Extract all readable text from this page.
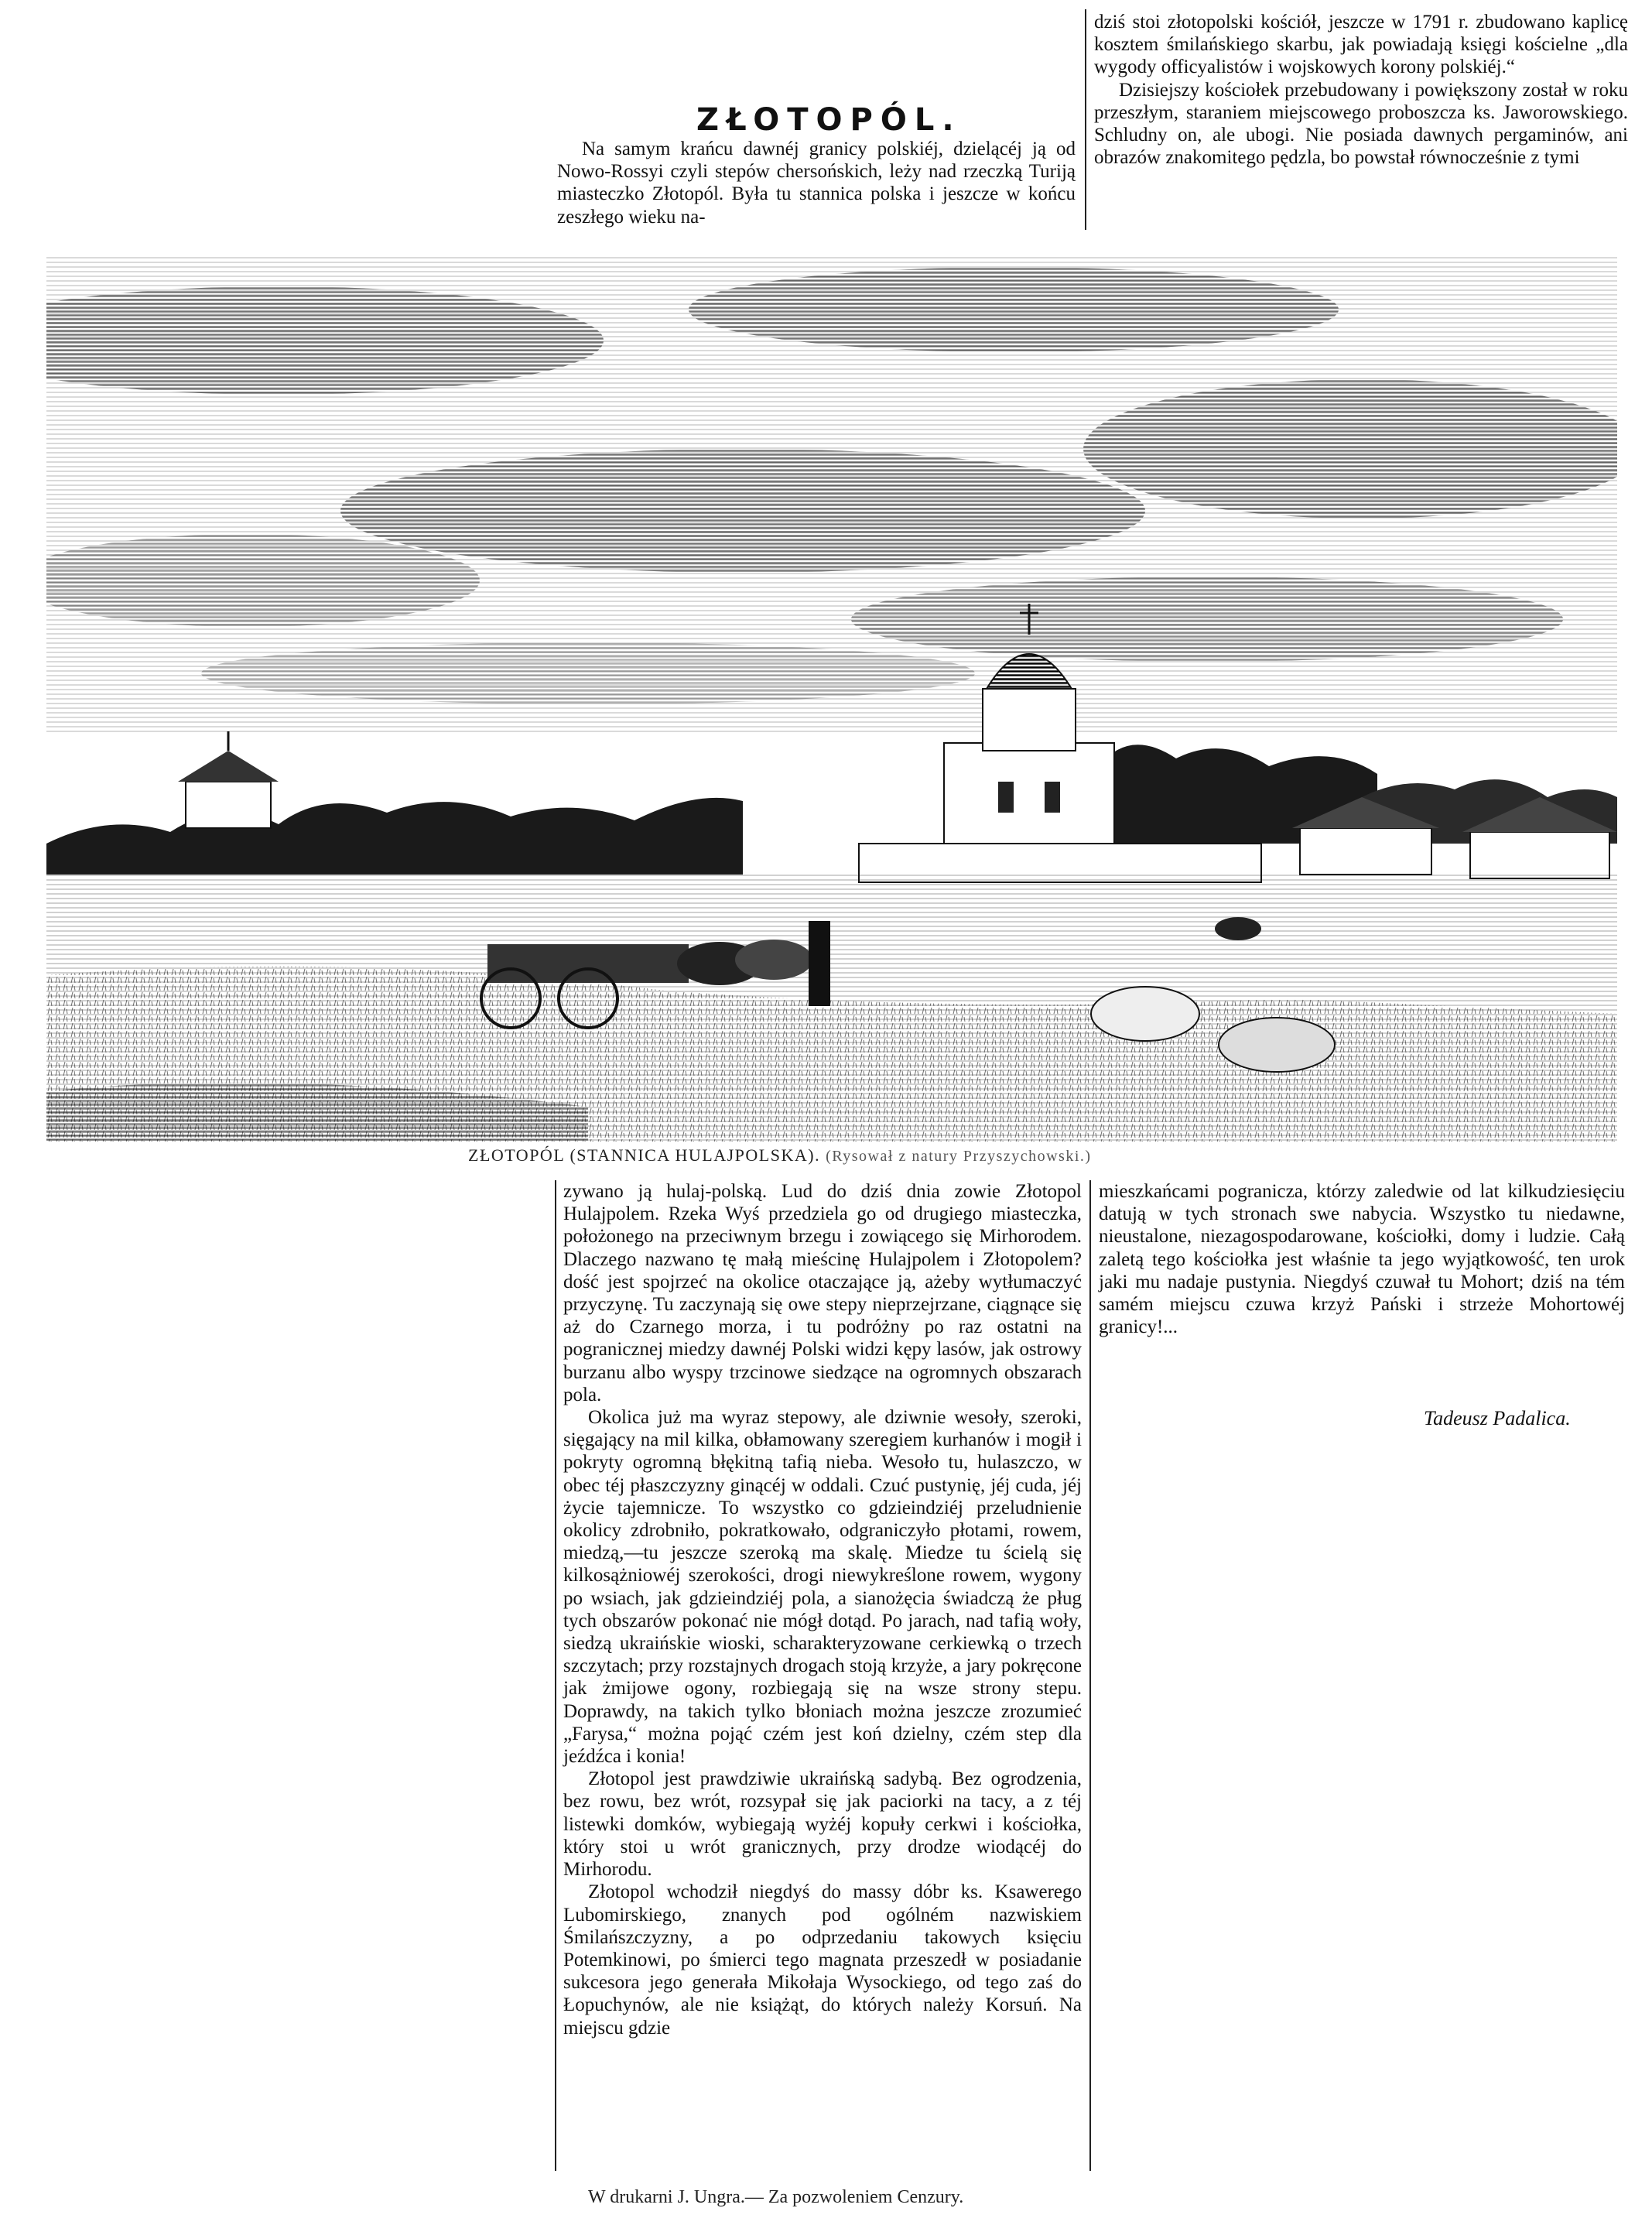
ZŁOTOPÓL.

Na samym krańcu dawnéj granicy polskiéj, dzielącéj ją od Nowo-Rossyi czyli stepów chersońskich, leży nad rzeczką Turiją miasteczko Złotopól. Była tu stannica polska i jeszcze w końcu zeszłego wieku na-

dziś stoi złotopolski kościół, jeszcze w 1791 r. zbudowano kaplicę kosztem śmilańskiego skarbu, jak powiadają księgi kościelne „dla wygody officyalistów i wojskowych korony polskiéj.“

Dzisiejszy kościołek przebudowany i powiększony został w roku przeszłym, staraniem miejscowego proboszcza ks. Jaworowskiego. Schludny on, ale ubogi. Nie posiada dawnych pergaminów, ani obrazów znakomitego pędzla, bo powstał równocześnie z tymi

ZŁOTOPÓL (STANNICA HULAJPOLSKA). (Rysował z natury Przyszychowski.)

zywano ją hulaj-polską. Lud do dziś dnia zowie Złotopol Hulajpolem. Rzeka Wyś przedziela go od drugiego miasteczka, położonego na przeciwnym brzegu i zowiącego się Mirhorodem. Dlaczego nazwano tę małą mieścinę Hulajpolem i Złotopolem? dość jest spojrzeć na okolice otaczające ją, ażeby wytłumaczyć przyczynę. Tu zaczynają się owe stepy nieprzejrzane, ciągnące się aż do Czarnego morza, i tu podróżny po raz ostatni na pogranicznej miedzy dawnéj Polski widzi kępy lasów, jak ostrowy burzanu albo wyspy trzcinowe siedzące na ogromnych obszarach pola.

Okolica już ma wyraz stepowy, ale dziwnie wesoły, szeroki, sięgający na mil kilka, obłamowany szeregiem kurhanów i mogił i pokryty ogromną błękitną tafią nieba. Wesoło tu, hulaszczo, w obec téj płaszczyzny ginącéj w oddali. Czuć pustynię, jéj cuda, jéj życie tajemnicze. To wszystko co gdzieindziéj przeludnienie okolicy zdrobniło, pokratkowało, odgraniczyło płotami, rowem, miedzą,—tu jeszcze szeroką ma skalę. Miedze tu ścielą się kilkosążniowéj szerokości, drogi niewykreślone rowem, wygony po wsiach, jak gdzieindziéj pola, a sianożęcia świadczą że pług tych obszarów pokonać nie mógł dotąd. Po jarach, nad tafią woły, siedzą ukraińskie wioski, scharakteryzowane cerkiewką o trzech szczytach; przy rozstajnych drogach stoją krzyże, a jary pokręcone jak żmijowe ogony, rozbiegają się na wsze strony stepu. Doprawdy, na takich tylko błoniach można jeszcze zrozumieć „Farysa,“ można pojąć czém jest koń dzielny, czém step dla jeźdźca i konia!

Złotopol jest prawdziwie ukraińską sadybą. Bez ogrodzenia, bez rowu, bez wrót, rozsypał się jak paciorki na tacy, a z téj listewki domków, wybiegają wyżéj kopuły cerkwi i kościołka, który stoi u wrót granicznych, przy drodze wiodącéj do Mirhorodu.

Złotopol wchodził niegdyś do massy dóbr ks. Ksawerego Lubomirskiego, znanych pod ogólném nazwiskiem Śmilańszczyzny, a po odprzedaniu takowych księciu Potemkinowi, po śmierci tego magnata przeszedł w posiadanie sukcesora jego generała Mikołaja Wysockiego, od tego zaś do Łopuchynów, ale nie książąt, do których należy Korsuń. Na miejscu gdzie

mieszkańcami pogranicza, którzy zaledwie od lat kilkudziesięciu datują w tych stronach swe nabycia. Wszystko tu niedawne, nieustalone, niezagospodarowane, kościołki, domy i ludzie. Całą zaletą tego kościołka jest właśnie ta jego wyjątkowość, ten urok jaki mu nadaje pustynia. Niegdyś czuwał tu Mohort; dziś na tém samém miejscu czuwa krzyż Pański i strzeże Mohortowéj granicy!...

Tadeusz Padalica.
W drukarni J. Ungra.— Za pozwoleniem Cenzury.
